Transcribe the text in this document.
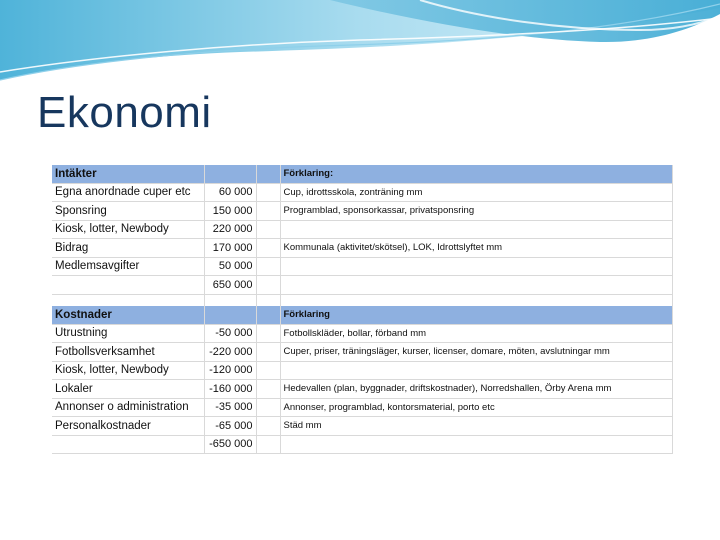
Ekonomi
Intäkter			Förklaring:
Egna anordnade cuper etc	60 000		Cup, idrottsskola, zonträning mm
Sponsring	150 000		Programblad, sponsorkassar, privatsponsring
Kiosk, lotter, Newbody	220 000		
Bidrag	170 000		Kommunala (aktivitet/skötsel), LOK, Idrottslyftet mm
Medlemsavgifter	50 000		
	650 000		

Kostnader			Förklaring
Utrustning	-50 000		Fotbollskläder, bollar, förband mm
Fotbollsverksamhet	-220 000		Cuper, priser, träningsläger, kurser, licenser, domare, möten, avslutningar mm
Kiosk, lotter, Newbody	-120 000		
Lokaler	-160 000		Hedevallen (plan, byggnader, driftskostnader), Norredshallen, Örby Arena mm
Annonser o administration	-35 000		Annonser, programblad, kontorsmaterial, porto etc
Personalkostnader	-65 000		Städ mm
	-650 000		
